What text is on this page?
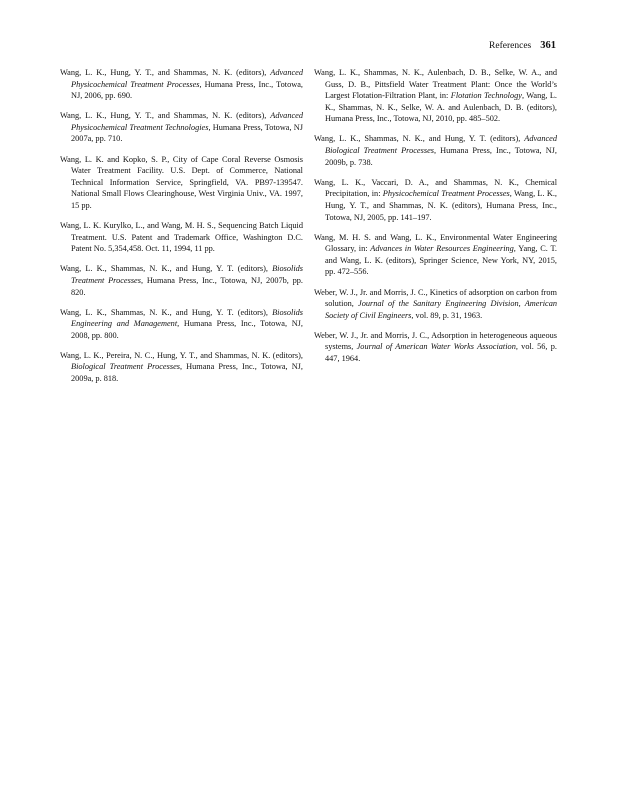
References 361

Wang, L. K., Hung, Y. T., and Shammas, N. K. (editors), Advanced Physicochemical Treatment Processes, Humana Press, Inc., Totowa, NJ, 2006, pp. 690.

Wang, L. K., Hung, Y. T., and Shammas, N. K. (editors), Advanced Physicochemical Treatment Technologies, Humana Press, Totowa, NJ 2007a, pp. 710.

Wang, L. K. and Kopko, S. P., City of Cape Coral Reverse Osmosis Water Treatment Facility. U.S. Dept. of Commerce, National Technical Information Service, Springfield, VA. PB97-139547. National Small Flows Clearinghouse, West Virginia Univ., VA. 1997, 15 pp.

Wang, L. K. Kurylko, L., and Wang, M. H. S., Sequencing Batch Liquid Treatment. U.S. Patent and Trademark Office, Washington D.C. Patent No. 5,354,458. Oct. 11, 1994, 11 pp.

Wang, L. K., Shammas, N. K., and Hung, Y. T. (editors), Biosolids Treatment Processes, Humana Press, Inc., Totowa, NJ, 2007b, pp. 820.

Wang, L. K., Shammas, N. K., and Hung, Y. T. (editors), Biosolids Engineering and Management, Humana Press, Inc., Totowa, NJ, 2008, pp. 800.

Wang, L. K., Pereira, N. C., Hung, Y. T., and Shammas, N. K. (editors), Biological Treatment Processes, Humana Press, Inc., Totowa, NJ, 2009a, p. 818.

Wang, L. K., Shammas, N. K., Aulenbach, D. B., Selke, W. A., and Guss, D. B., Pittsfield Water Treatment Plant: Once the World’s Largest Flotation-Filtration Plant, in: Flotation Technology, Wang, L. K., Shammas, N. K., Selke, W. A. and Aulenbach, D. B. (editors), Humana Press, Inc., Totowa, NJ, 2010, pp. 485–502.

Wang, L. K., Shammas, N. K., and Hung, Y. T. (editors), Advanced Biological Treatment Processes, Humana Press, Inc., Totowa, NJ, 2009b, p. 738.

Wang, L. K., Vaccari, D. A., and Shammas, N. K., Chemical Precipitation, in: Physicochemical Treatment Processes, Wang, L. K., Hung, Y. T., and Shammas, N. K. (editors), Humana Press, Inc., Totowa, NJ, 2005, pp. 141–197.

Wang, M. H. S. and Wang, L. K., Environmental Water Engineering Glossary, in: Advances in Water Resources Engineering, Yang, C. T. and Wang, L. K. (editors), Springer Science, New York, NY, 2015, pp. 472–556.

Weber, W. J., Jr. and Morris, J. C., Kinetics of adsorption on carbon from solution, Journal of the Sanitary Engineering Division, American Society of Civil Engineers, vol. 89, p. 31, 1963.

Weber, W. J., Jr. and Morris, J. C., Adsorption in heterogeneous aqueous systems, Journal of American Water Works Association, vol. 56, p. 447, 1964.
